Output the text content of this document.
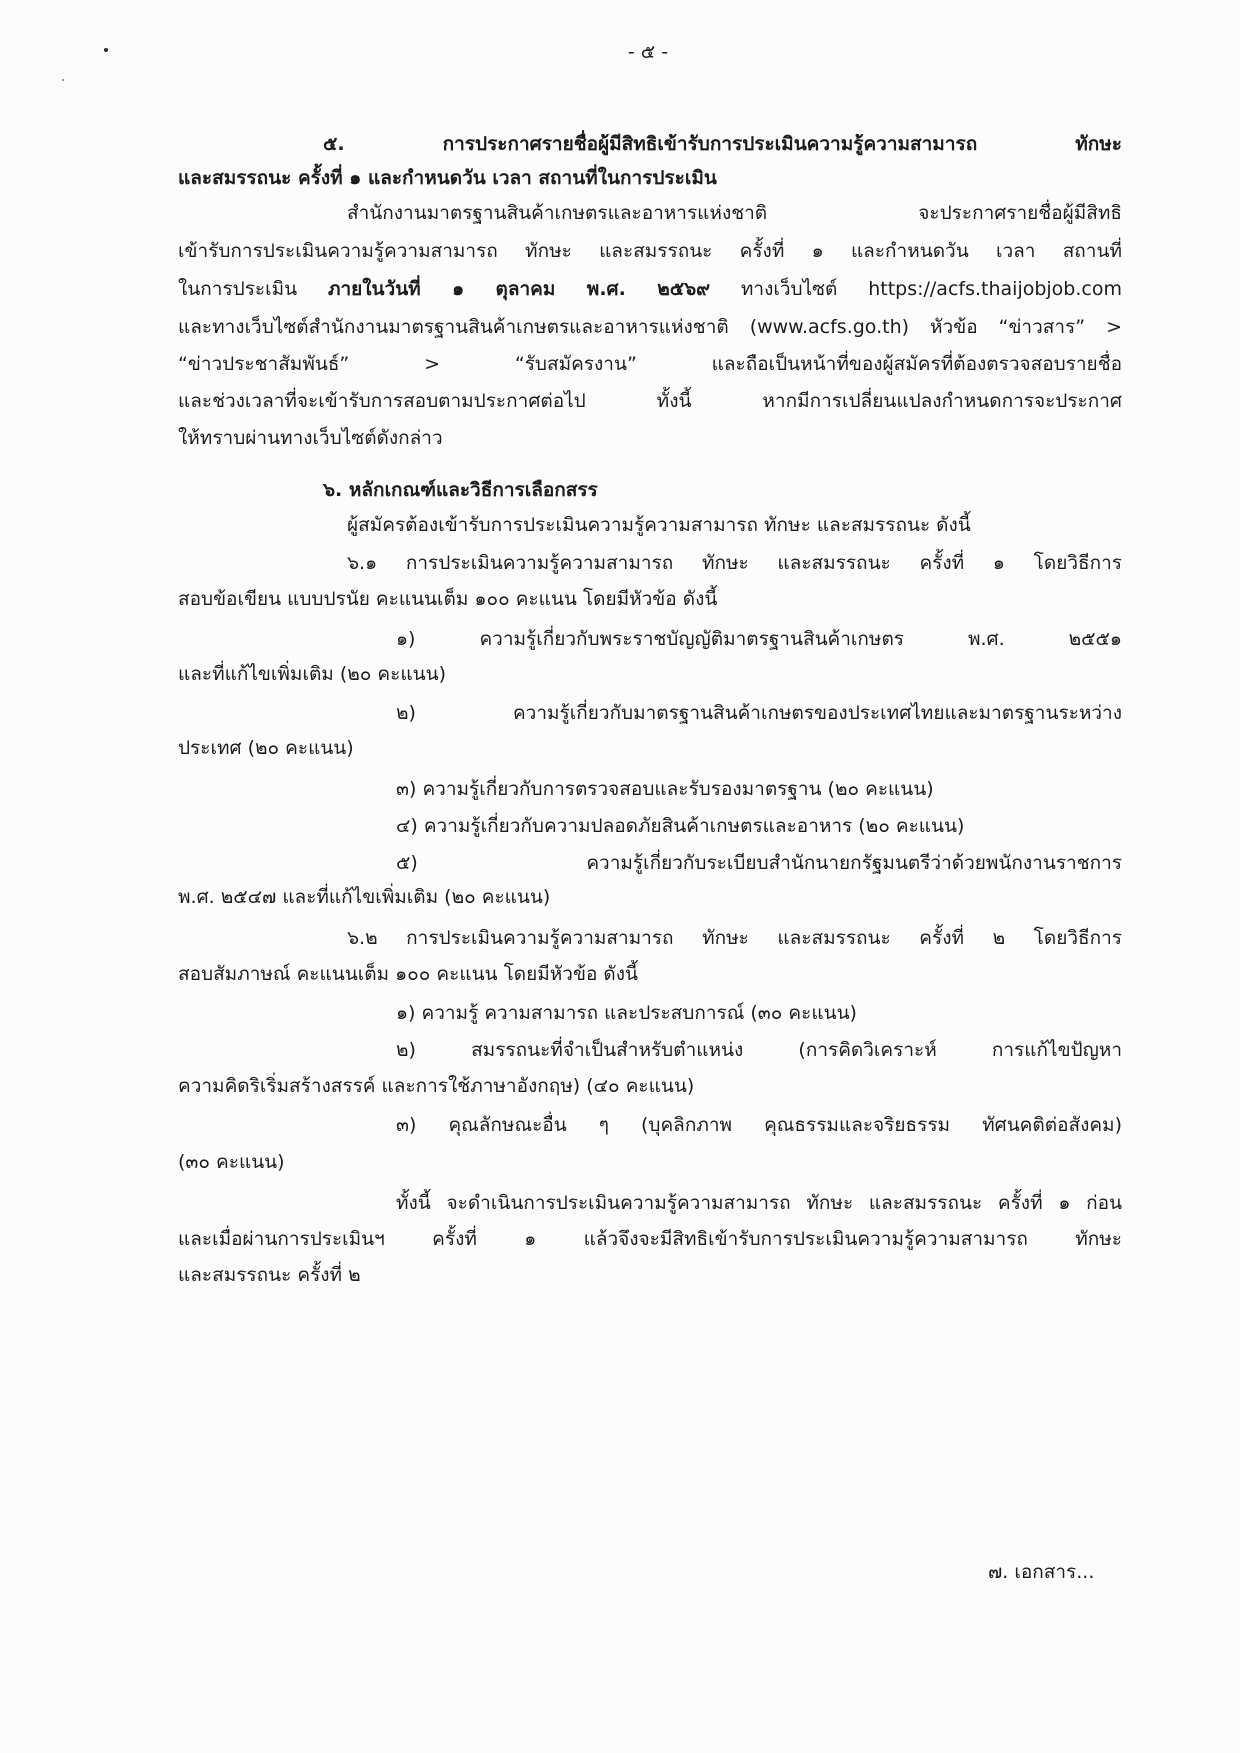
- ๕ -
๕. การประกาศรายชื่อผู้มีสิทธิเข้ารับการประเมินความรู้ความสามารถ ทักษะ
และสมรรถนะ ครั้งที่ ๑ และกำหนดวัน เวลา สถานที่ในการประเมิน
สำนักงานมาตรฐานสินค้าเกษตรและอาหารแห่งชาติ จะประกาศรายชื่อผู้มีสิทธิ
เข้ารับการประเมินความรู้ความสามารถ ทักษะ และสมรรถนะ ครั้งที่ ๑ และกำหนดวัน เวลา สถานที่
ในการประเมิน ภายในวันที่ ๑ ตุลาคม พ.ศ. ๒๕๖๙ ทางเว็บไซต์ https://acfs.thaijobjob.com
และทางเว็บไซต์สำนักงานมาตรฐานสินค้าเกษตรและอาหารแห่งชาติ (www.acfs.go.th) หัวข้อ “ข่าวสาร” >
“ข่าวประชาสัมพันธ์” > “รับสมัครงาน” และถือเป็นหน้าที่ของผู้สมัครที่ต้องตรวจสอบรายชื่อ
และช่วงเวลาที่จะเข้ารับการสอบตามประกาศต่อไป ทั้งนี้ หากมีการเปลี่ยนแปลงกำหนดการจะประกาศ
ให้ทราบผ่านทางเว็บไซต์ดังกล่าว
๖. หลักเกณฑ์และวิธีการเลือกสรร
ผู้สมัครต้องเข้ารับการประเมินความรู้ความสามารถ ทักษะ และสมรรถนะ ดังนี้
๖.๑ การประเมินความรู้ความสามารถ ทักษะ และสมรรถนะ ครั้งที่ ๑ โดยวิธีการ
สอบข้อเขียน แบบปรนัย คะแนนเต็ม ๑๐๐ คะแนน โดยมีหัวข้อ ดังนี้
๑) ความรู้เกี่ยวกับพระราชบัญญัติมาตรฐานสินค้าเกษตร พ.ศ. ๒๕๕๑
และที่แก้ไขเพิ่มเติม (๒๐ คะแนน)
๒) ความรู้เกี่ยวกับมาตรฐานสินค้าเกษตรของประเทศไทยและมาตรฐานระหว่าง
ประเทศ (๒๐ คะแนน)
๓) ความรู้เกี่ยวกับการตรวจสอบและรับรองมาตรฐาน (๒๐ คะแนน)
๔) ความรู้เกี่ยวกับความปลอดภัยสินค้าเกษตรและอาหาร (๒๐ คะแนน)
๕) ความรู้เกี่ยวกับระเบียบสำนักนายกรัฐมนตรีว่าด้วยพนักงานราชการ
พ.ศ. ๒๕๔๗ และที่แก้ไขเพิ่มเติม (๒๐ คะแนน)
๖.๒ การประเมินความรู้ความสามารถ ทักษะ และสมรรถนะ ครั้งที่ ๒ โดยวิธีการ
สอบสัมภาษณ์ คะแนนเต็ม ๑๐๐ คะแนน โดยมีหัวข้อ ดังนี้
๑) ความรู้ ความสามารถ และประสบการณ์ (๓๐ คะแนน)
๒) สมรรถนะที่จำเป็นสำหรับตำแหน่ง (การคิดวิเคราะห์ การแก้ไขปัญหา
ความคิดริเริ่มสร้างสรรค์ และการใช้ภาษาอังกฤษ) (๔๐ คะแนน)
๓) คุณลักษณะอื่น ๆ (บุคลิกภาพ คุณธรรมและจริยธรรม ทัศนคติต่อสังคม)
(๓๐ คะแนน)
ทั้งนี้ จะดำเนินการประเมินความรู้ความสามารถ ทักษะ และสมรรถนะ ครั้งที่ ๑ ก่อน
และเมื่อผ่านการประเมินฯ ครั้งที่ ๑ แล้วจึงจะมีสิทธิเข้ารับการประเมินความรู้ความสามารถ ทักษะ
และสมรรถนะ ครั้งที่ ๒
๗. เอกสาร...
